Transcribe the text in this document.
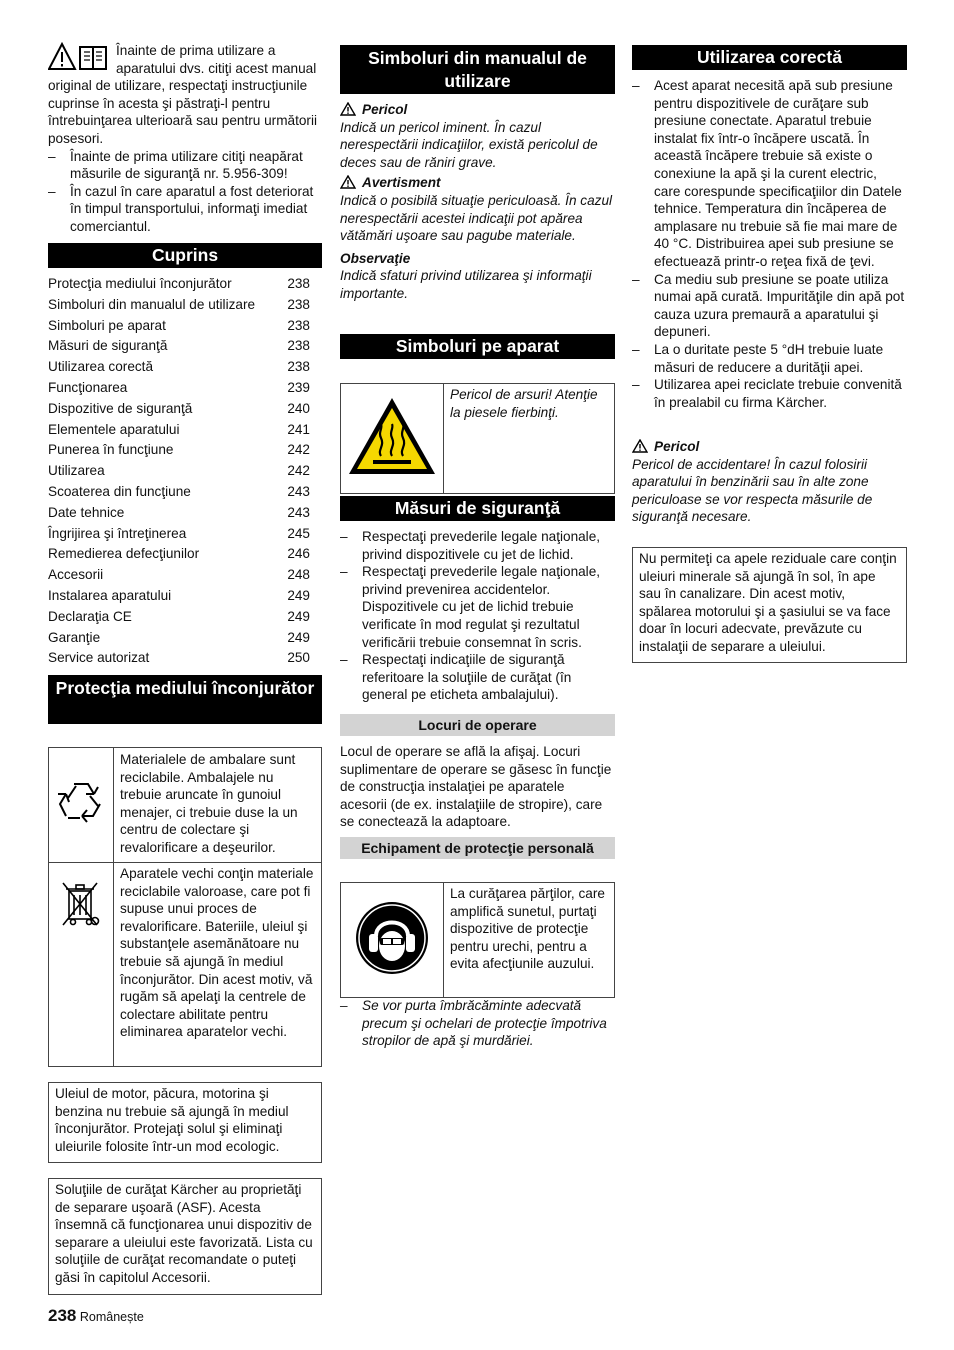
Înainte de prima utilizare a aparatului dvs. citiţi acest manual original de utilizare, respectaţi instrucţiunile cuprinse în acesta şi păstraţi-l pentru întrebuinţarea ulterioară sau pentru următorii posesori.

– Înainte de prima utilizare citiţi neapărat măsurile de siguranţă nr. 5.956-309!
– În cazul în care aparatul a fost deteriorat în timpul transportului, informaţi imediat comerciantul.
Cuprins
Protecţia mediului înconjurător	238
Simboluri din manualul de utilizare	238
Simboluri pe aparat	238
Măsuri de siguranţă	238
Utilizarea corectă	238
Funcţionarea	239
Dispozitive de siguranţă	240
Elementele aparatului	241
Punerea în funcţiune	242
Utilizarea	242
Scoaterea din funcţiune	243
Date tehnice	243
Îngrijirea şi întreţinerea	245
Remedierea defecţiunilor	246
Accesorii	248
Instalarea aparatului	249
Declaraţia CE	249
Garanţie	249
Service autorizat	250
Protecţia mediului înconjurător
	Materialele de ambalare sunt reciclabile. Ambalajele nu trebuie aruncate în gunoiul menajer, ci trebuie duse la un centru de colectare şi revalorificare a deşeurilor.
	Aparatele vechi conţin materiale reciclabile valoroase, care pot fi supuse unui proces de revalorificare. Bateriile, uleiul şi substanţele asemănătoare nu trebuie să ajungă în mediul înconjurător. Din acest motiv, vă rugăm să apelaţi la centrele de colectare abilitate pentru eliminarea aparatelor vechi.

Uleiul de motor, păcura, motorina şi benzina nu trebuie să ajungă în mediul înconjurător. Protejaţi solul şi eliminaţi uleiurile folosite într-un mod ecologic.

Soluţiile de curăţat Kärcher au proprietăţi de separare uşoară (ASF). Acesta însemnă că funcţionarea unui dispozitiv de separare a uleiului este favorizată. Lista cu soluţiile de curăţat recomandate o puteţi găsi în capitolul Accesorii.

Simboluri din manualul de utilizare

Pericol

Indică un pericol iminent. În cazul nerespectării indicaţiilor, există pericolul de deces sau de răniri grave.

Avertisment

Indică o posibilă situaţie periculoasă. În cazul nerespectării acestei indicaţii pot apărea vătămări uşoare sau pagube materiale.

Observaţie

Indică sfaturi privind utilizarea şi informaţii importante.

Simboluri pe aparat
	Pericol de arsuri! Atenţie la piesele fierbinţi.
Măsuri de siguranţă
– Respectaţi prevederile legale naţionale, privind dispozitivele cu jet de lichid.
– Respectaţi prevederile legale naţionale, privind prevenirea accidentelor. Dispozitivele cu jet de lichid trebuie verificate în mod regulat şi rezultatul verificării trebuie consemnat în scris.
– Respectaţi indicaţiile de siguranţă referitoare la soluţiile de curăţat (în general pe eticheta ambalajului).
Locuri de operare

Locul de operare se află la afişaj. Locuri suplimentare de operare se găsesc în funcţie de construcţia instalaţiei pe aparatele acesorii (de ex. instalaţiile de stropire), care se conectează la adaptoare.

Echipament de protecţie personală
	La curăţarea părţilor, care amplifică sunetul, purtaţi dispozitive de protecţie pentru urechi, pentru a evita afecţiunile auzului.
– Se vor purta îmbrăcăminte adecvată precum şi ochelari de protecţie împotriva stropilor de apă şi murdăriei.
Utilizarea corectă
– Acest aparat necesită apă sub presiune pentru dispozitivele de curăţare sub presiune conectate. Aparatul trebuie instalat fix într-o încăpere uscată. În această încăpere trebuie să existe o conexiune la apă şi la curent electric, care corespunde specificaţiilor din Datele tehnice. Temperatura din încăperea de amplasare nu trebuie să fie mai mare de 40 °C. Distribuirea apei sub presiune se efectuează printr-o reţea fixă de ţevi.
– Ca mediu sub presiune se poate utiliza numai apă curată. Impurităţile din apă pot cauza uzura premaură a aparatului şi depuneri.
– La o duritate peste 5 °dH trebuie luate măsuri de reducere a durităţii apei.
– Utilizarea apei reciclate trebuie convenită în prealabil cu firma Kärcher.

Pericol

Pericol de accidentare! În cazul folosirii aparatului în benzinării sau în alte zone periculoase se vor respecta măsurile de siguranţă necesare.

Nu permiteţi ca apele reziduale care conţin uleiuri minerale să ajungă în sol, în ape sau în canalizare. Din acest motiv, spălarea motorului şi a şasiului se va face doar în locuri adecvate, prevăzute cu instalaţii de separare a uleiului.

238 Românește
